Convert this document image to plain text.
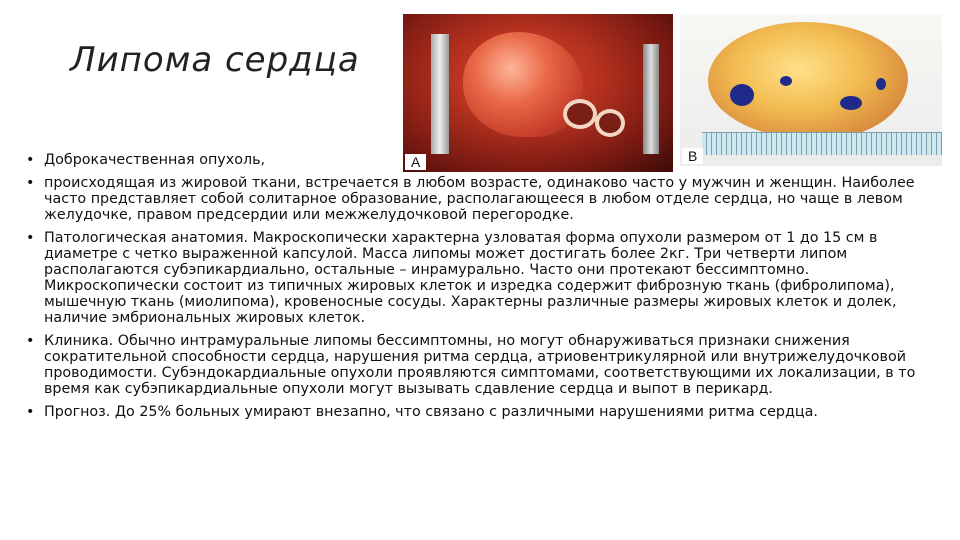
Липома сердца
A	B
• Доброкачественная опухоль,
• происходящая из жировой ткани, встречается в любом возрасте, одинаково часто у мужчин и женщин. Наиболее часто представляет собой солитарное образование, располагающееся в любом отделе сердца, но чаще в левом желудочке, правом предсердии или межжелудочковой перегородке.
• Патологическая анатомия. Макроскопически характерна узловатая форма опухоли размером от 1 до 15 см в диаметре с четко выраженной капсулой. Масса липомы может достигать более 2кг. Три четверти липом располагаются субэпикардиально, остальные – инрамурально. Часто они протекают бессимптомно. Микроскопически состоит из типичных жировых клеток и изредка содержит фиброзную ткань (фибролипома), мышечную ткань (миолипома), кровеносные сосуды. Характерны различные размеры жировых клеток и долек, наличие эмбриональных жировых клеток.
• Клиника. Обычно интрамуральные липомы бессимптомны, но могут обнаруживаться признаки снижения сократительной способности сердца, нарушения ритма сердца, атриовентрикулярной или внутрижелудочковой проводимости. Субэндокардиальные опухоли проявляются симптомами, соответствующими их локализации, в то время как субэпикардиальные опухоли могут вызывать сдавление сердца и выпот в перикард.
• Прогноз. До 25% больных умирают внезапно, что связано с различными нарушениями ритма сердца.
